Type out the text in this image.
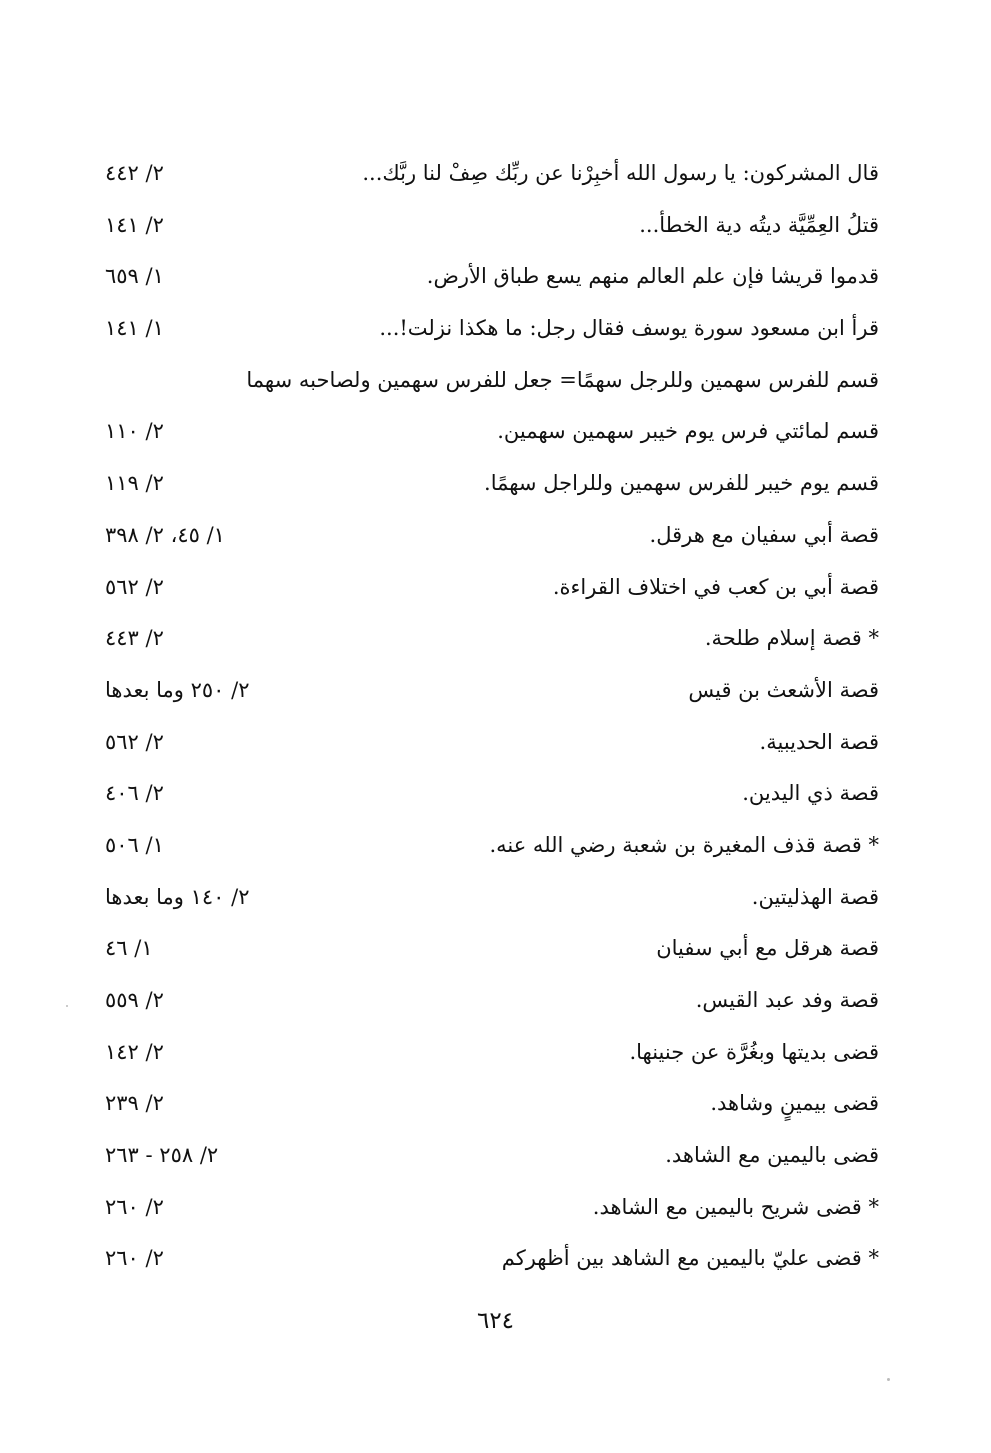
قال المشركون: يا رسول الله أخبِرْنا عن ربِّك صِفْ لنا ربَّك...
٢/ ٤٤٢
قتلُ العِمِّيَّة ديتُه دية الخطأ...
٢/ ١٤١
قدموا قريشا فإن علم العالم منهم يسع طباق الأرض.
١/ ٦٥٩
قرأ ابن مسعود سورة يوسف فقال رجل: ما هكذا نزلت!...
١/ ١٤١
قسم للفرس سهمين وللرجل سهمًا= جعل للفرس سهمين ولصاحبه سهما
قسم لمائتي فرس يوم خيبر سهمين سهمين.
٢/ ١١٠
قسم يوم خيبر للفرس سهمين وللراجل سهمًا.
٢/ ١١٩
قصة أبي سفيان مع هرقل.
١/ ٤٥، ٢/ ٣٩٨
قصة أبي بن كعب في اختلاف القراءة.
٢/ ٥٦٢
* قصة إسلام طلحة.
٢/ ٤٤٣
قصة الأشعث بن قيس
٢/ ٢٥٠ وما بعدها
قصة الحديبية.
٢/ ٥٦٢
قصة ذي اليدين.
٢/ ٤٠٦
* قصة قذف المغيرة بن شعبة رضي الله عنه.
١/ ٥٠٦
قصة الهذليتين.
٢/ ١٤٠ وما بعدها
قصة هرقل مع أبي سفيان
١/ ٤٦
قصة وفد عبد القيس.
٢/ ٥٥٩
قضى بديتها وبغُرَّة عن جنينها.
٢/ ١٤٢
قضى بيمينٍ وشاهد.
٢/ ٢٣٩
قضى باليمين مع الشاهد.
٢/ ٢٥٨ - ٢٦٣
* قضى شريح باليمين مع الشاهد.
٢/ ٢٦٠
* قضى عليّ باليمين مع الشاهد بين أظهركم
٢/ ٢٦٠
٦٢٤
